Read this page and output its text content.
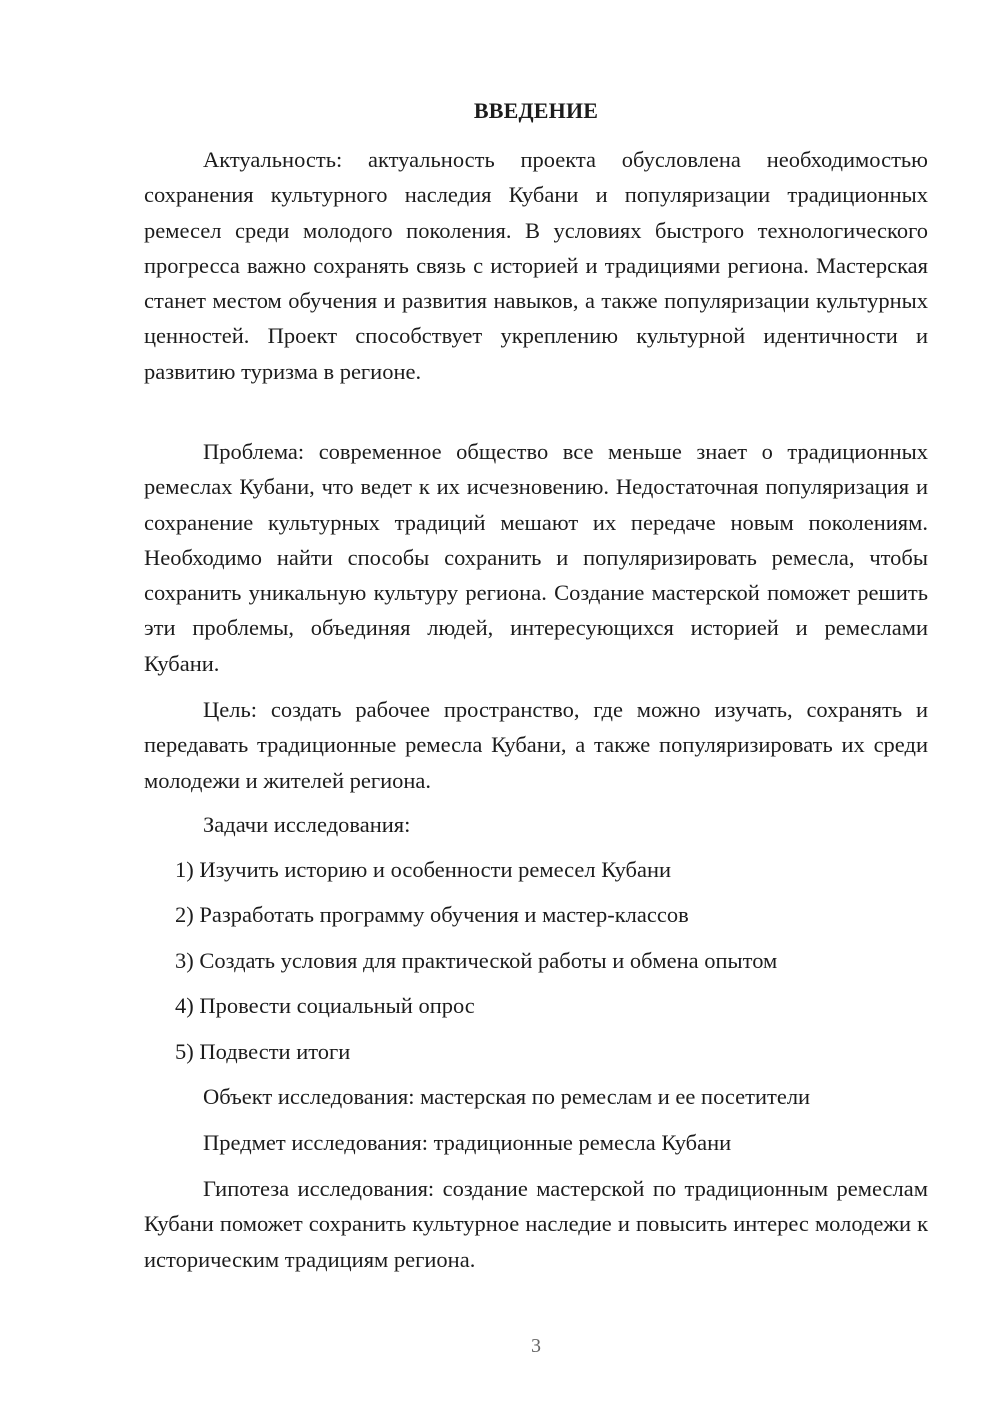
ВВЕДЕНИЕ

Актуальность: актуальность проекта обусловлена необходимостью сохранения культурного наследия Кубани и популяризации традиционных ремесел среди молодого поколения. В условиях быстрого технологического прогресса важно сохранять связь с историей и традициями региона. Мастерская станет местом обучения и развития навыков, а также популяризации культурных ценностей. Проект способствует укреплению культурной идентичности и развитию туризма в регионе.

Проблема: современное общество все меньше знает о традиционных ремеслах Кубани, что ведет к их исчезновению. Недостаточная популяризация и сохранение культурных традиций мешают их передаче новым поколениям. Необходимо найти способы сохранить и популяризировать ремесла, чтобы сохранить уникальную культуру региона. Создание мастерской поможет решить эти проблемы, объединяя людей, интересующихся историей и ремеслами Кубани.

Цель: создать рабочее пространство, где можно изучать, сохранять и передавать традиционные ремесла Кубани, а также популяризировать их среди молодежи и жителей региона.

Задачи исследования:
1) Изучить историю и особенности ремесел Кубани
2) Разработать программу обучения и мастер-классов
3) Создать условия для практической работы и обмена опытом
4) Провести социальный опрос
5) Подвести итоги
Объект исследования: мастерская по ремеслам и ее посетители
Предмет исследования: традиционные ремесла Кубани

Гипотеза исследования: создание мастерской по традиционным ремеслам Кубани поможет сохранить культурное наследие и повысить интерес молодежи к историческим традициям региона.

3
